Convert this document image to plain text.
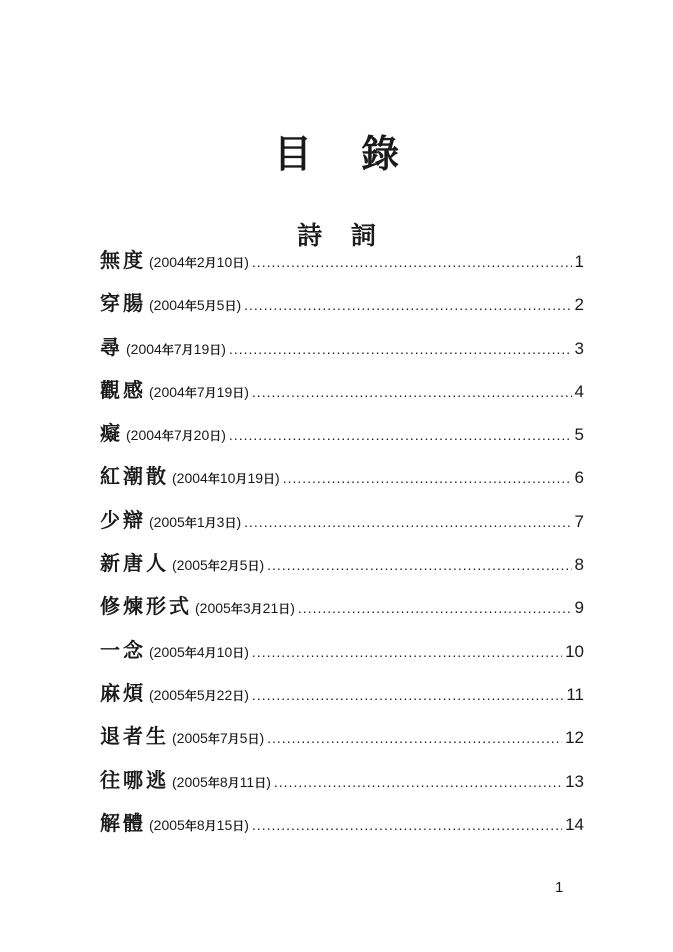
目 錄
詩 詞
無度 (2004年2月10日) .....	1
穿腸 (2004年5月5日) .....	2
尋 (2004年7月19日) .....	3
觀感 (2004年7月19日) .....	4
癡 (2004年7月20日) .....	5
紅潮散 (2004年10月19日) .....	6
少辯 (2005年1月3日) .....	7
新唐人 (2005年2月5日) .....	8
修煉形式 (2005年3月21日) .....	9
一念 (2005年4月10日) .....	10
麻煩 (2005年5月22日) .....	11
退者生 (2005年7月5日) .....	12
往哪逃 (2005年8月11日) .....	13
解體 (2005年8月15日) .....	14
1
